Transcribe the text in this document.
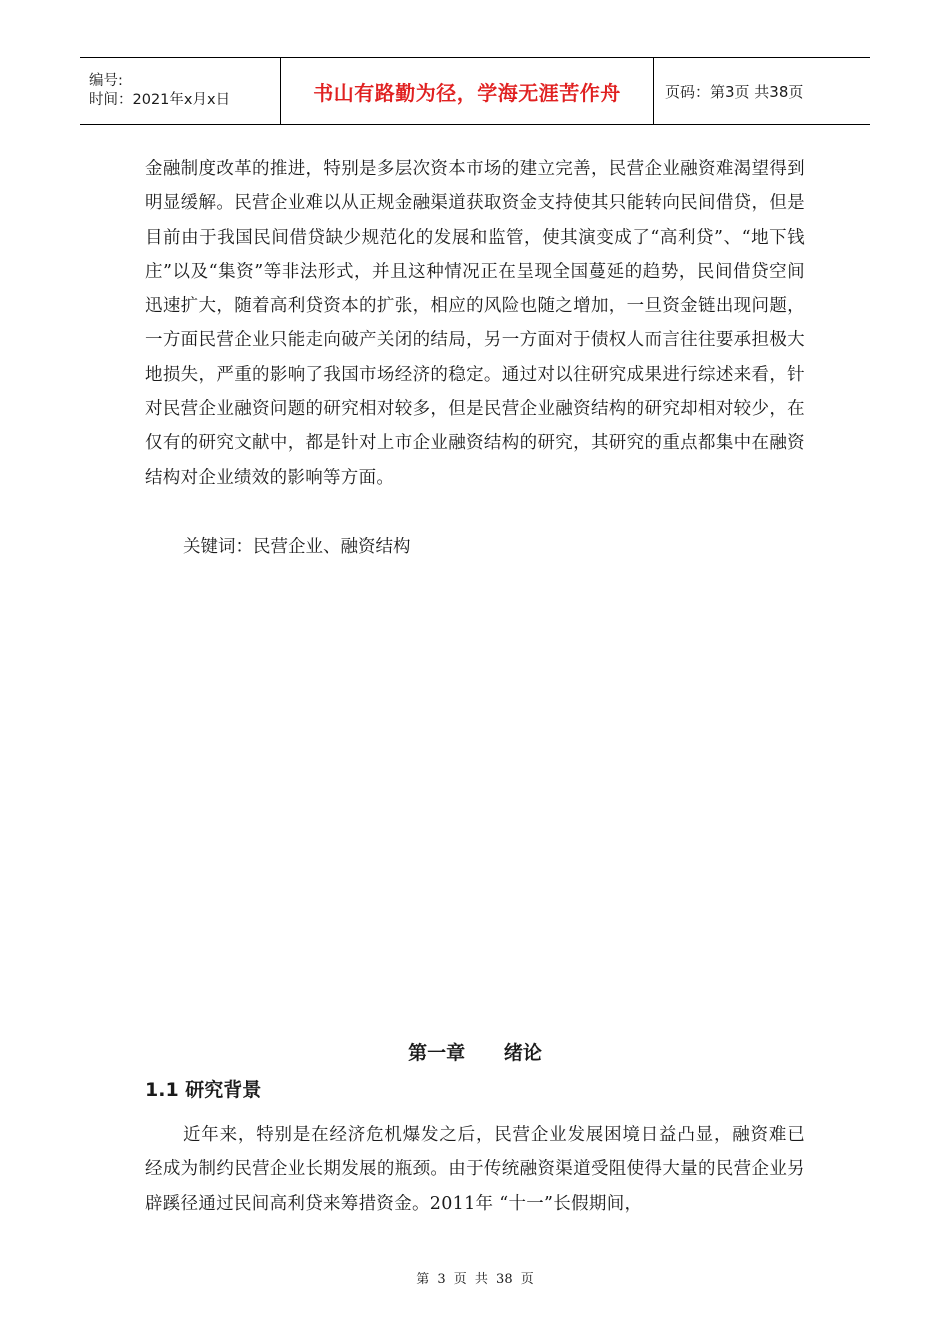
编号:
时间：2021年x月x日	书山有路勤为径，学海无涯苦作舟	页码：第3页 共38页

金融制度改革的推进，特别是多层次资本市场的建立完善，民营企业融资难渴望得到明显缓解。民营企业难以从正规金融渠道获取资金支持使其只能转向民间借贷，但是目前由于我国民间借贷缺少规范化的发展和监管，使其演变成了“高利贷”、“地下钱庄”以及“集资”等非法形式，并且这种情况正在呈现全国蔓延的趋势，民间借贷空间迅速扩大，随着高利贷资本的扩张，相应的风险也随之增加，一旦资金链出现问题，一方面民营企业只能走向破产关闭的结局，另一方面对于债权人而言往往要承担极大地损失，严重的影响了我国市场经济的稳定。通过对以往研究成果进行综述来看，针对民营企业融资问题的研究相对较多，但是民营企业融资结构的研究却相对较少，在仅有的研究文献中，都是针对上市企业融资结构的研究，其研究的重点都集中在融资结构对企业绩效的影响等方面。

关键词：民营企业、融资结构
第一章 绪论
1.1 研究背景

近年来，特别是在经济危机爆发之后，民营企业发展困境日益凸显，融资难已经成为制约民营企业长期发展的瓶颈。由于传统融资渠道受阻使得大量的民营企业另辟蹊径通过民间高利贷来筹措资金。2011年 “十一”长假期间，

第 3 页 共 38 页
